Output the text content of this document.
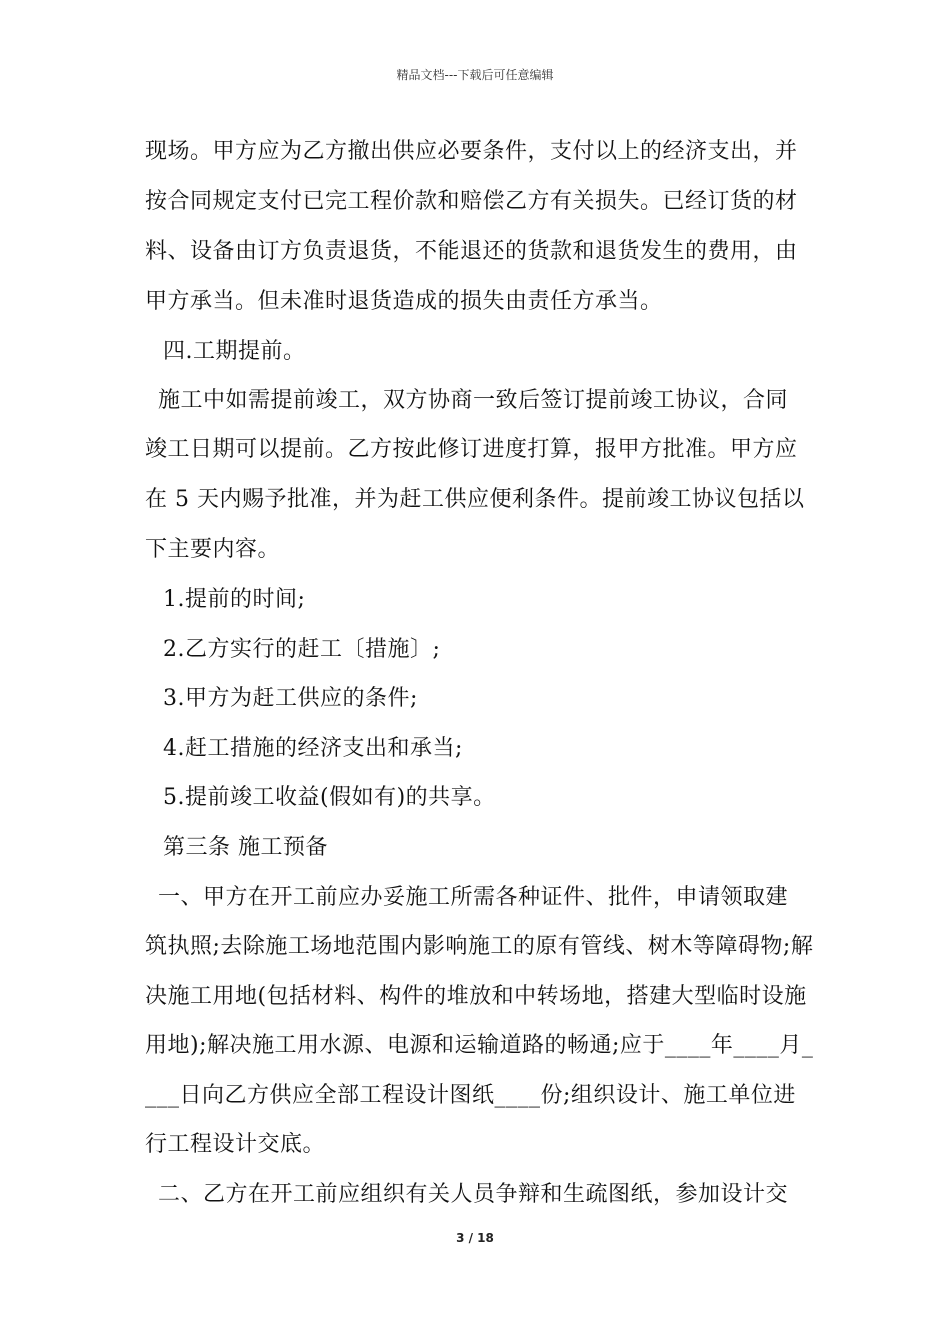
精品文档---下载后可任意编辑
现场。甲方应为乙方撤出供应必要条件，支付以上的经济支出，并
按合同规定支付已完工程价款和赔偿乙方有关损失。已经订货的材
料、设备由订方负责退货，不能退还的货款和退货发生的费用，由
甲方承当。但未准时退货造成的损失由责任方承当。
四.工期提前。
施工中如需提前竣工，双方协商一致后签订提前竣工协议，合同
竣工日期可以提前。乙方按此修订进度打算，报甲方批准。甲方应
在 5 天内赐予批准，并为赶工供应便利条件。提前竣工协议包括以
下主要内容。
1.提前的时间;
2.乙方实行的赶工〔措施〕;
3.甲方为赶工供应的条件;
4.赶工措施的经济支出和承当;
5.提前竣工收益(假如有)的共享。
第三条 施工预备
一、甲方在开工前应办妥施工所需各种证件、批件，申请领取建
筑执照;去除施工场地范围内影响施工的原有管线、树木等障碍物;解
决施工用地(包括材料、构件的堆放和中转场地，搭建大型临时设施
用地);解决施工用水源、电源和运输道路的畅通;应于____年____月_
___日向乙方供应全部工程设计图纸____份;组织设计、施工单位进
行工程设计交底。
二、乙方在开工前应组织有关人员争辩和生疏图纸，参加设计交
3 / 18
